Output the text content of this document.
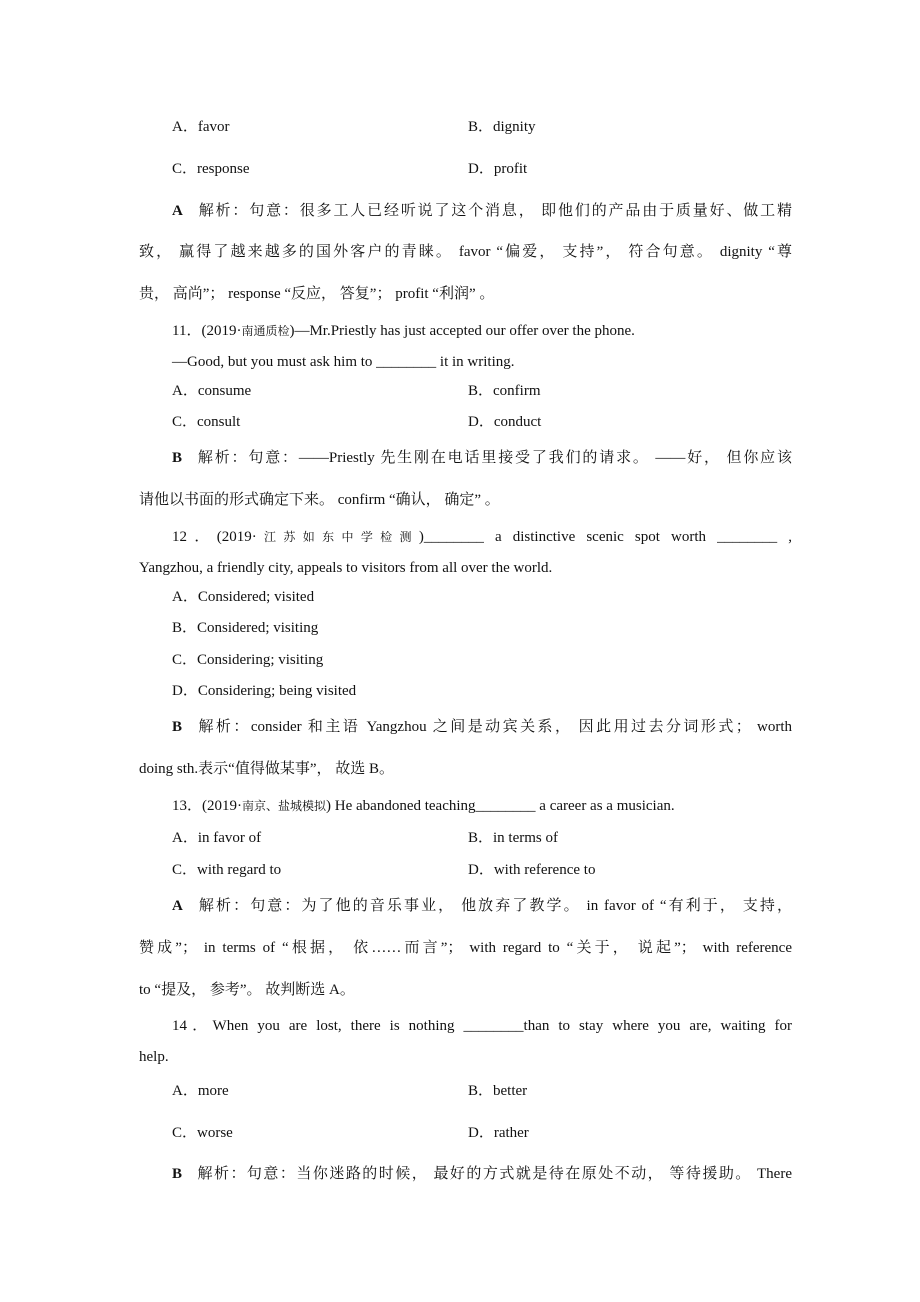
A．favor	B．dignity
C．response	D．profit
A 解析：句意：很多工人已经听说了这个消息， 即他们的产品由于质量好、做工精
致， 赢得了越来越多的国外客户的青睐。 favor “偏爱， 支持”， 符合句意。 dignity “尊
贵， 高尚”； response “反应， 答复”； profit “利润” 。
11．(2019·南通质检)—Mr.Priestly has just accepted our offer over the phone.
—Good, but you must ask him to ________ it in writing.
A．consume	B．confirm
C．consult	D．conduct
B 解析：句意：——Priestly 先生刚在电话里接受了我们的请求。 ——好， 但你应该
请他以书面的形式确定下来。 confirm “确认， 确定” 。
12．(2019·江苏如东中学检测)________ a distinctive scenic spot worth ________ ,
Yangzhou, a friendly city, appeals to visitors from all over the world.
A．Considered; visited
B．Considered; visiting
C．Considering; visiting
D．Considering; being visited
B 解析：consider 和主语 Yangzhou 之间是动宾关系， 因此用过去分词形式； worth
doing sth.表示“值得做某事”， 故选 B。
13．(2019·南京、盐城模拟) He abandoned teaching________ a career as a musician.
A．in favor of	B．in terms of
C．with regard to	D．with reference to
A 解析：句意：为了他的音乐事业， 他放弃了教学。 in favor of “有利于， 支持，
赞成”； in terms of “根据， 依……而言”； with regard to “关于， 说起”； with reference
to “提及， 参考”。 故判断选 A。
14．When you are lost, there is nothing ________than to stay where you are, waiting for
help.
A．more	B．better
C．worse	D．rather
B 解析：句意：当你迷路的时候， 最好的方式就是待在原处不动， 等待援助。 There
